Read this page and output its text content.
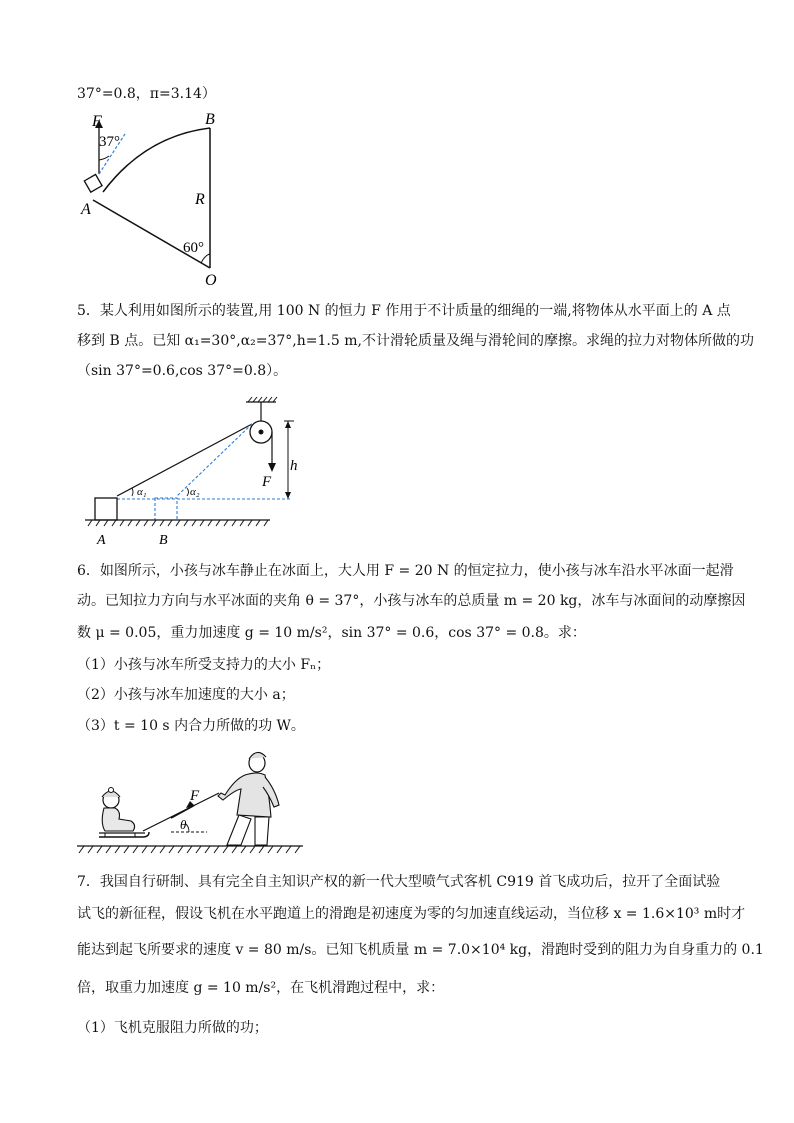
37°=0.8，π=3.14）
F
37°
B
A
R
60°
O
5．某人利用如图所示的装置,用 100 N 的恒力 F 作用于不计质量的细绳的一端,将物体从水平面上的 A 点
移到 B 点。已知 α₁=30°,α₂=37°,h=1.5 m,不计滑轮质量及绳与滑轮间的摩擦。求绳的拉力对物体所做的功
（sin 37°=0.6,cos 37°=0.8）。
F
h
α₁	α₂
A	B
6．如图所示，小孩与冰车静止在冰面上，大人用 F = 20 N 的恒定拉力，使小孩与冰车沿水平冰面一起滑
动。已知拉力方向与水平冰面的夹角 θ = 37°，小孩与冰车的总质量 m = 20 kg，冰车与冰面间的动摩擦因
数 μ = 0.05，重力加速度 g = 10 m/s²，sin 37° = 0.6，cos 37° = 0.8。求：
（1）小孩与冰车所受支持力的大小 Fₙ；
（2）小孩与冰车加速度的大小 a；
（3）t = 10 s 内合力所做的功 W。
F
θ
7．我国自行研制、具有完全自主知识产权的新一代大型喷气式客机 C919 首飞成功后，拉开了全面试验
试飞的新征程，假设飞机在水平跑道上的滑跑是初速度为零的匀加速直线运动，当位移 x = 1.6×10³ m时才
能达到起飞所要求的速度 v = 80 m/s。已知飞机质量 m = 7.0×10⁴ kg，滑跑时受到的阻力为自身重力的 0.1
倍，取重力加速度 g = 10 m/s²，在飞机滑跑过程中，求：
（1）飞机克服阻力所做的功；
